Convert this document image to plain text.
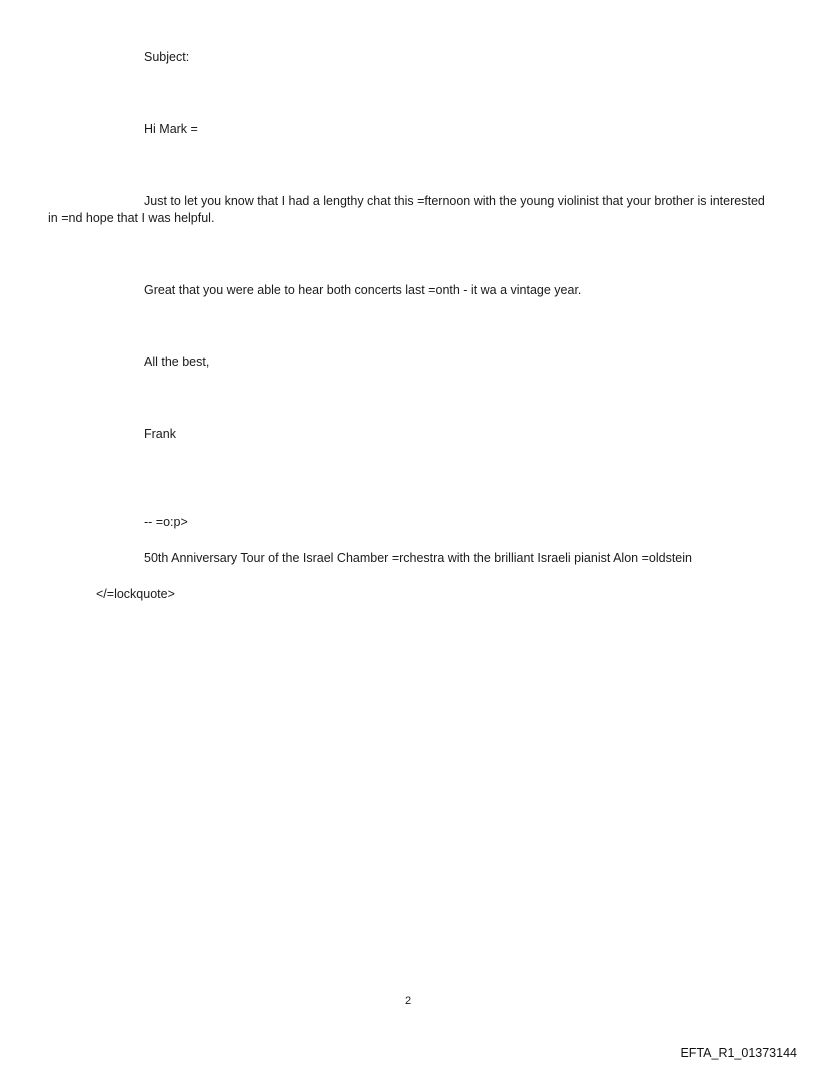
Subject:
Hi Mark =
Just to let you know that I had a lengthy chat this =fternoon with the young violinist that your brother is interested in =nd hope that I was helpful.
Great that you were able to hear both concerts last =onth - it wa a vintage year.
All the best,
Frank
-- =o:p>
50th Anniversary Tour of the Israel Chamber =rchestra with the brilliant Israeli pianist Alon =oldstein
</=lockquote>
2
EFTA_R1_01373144
